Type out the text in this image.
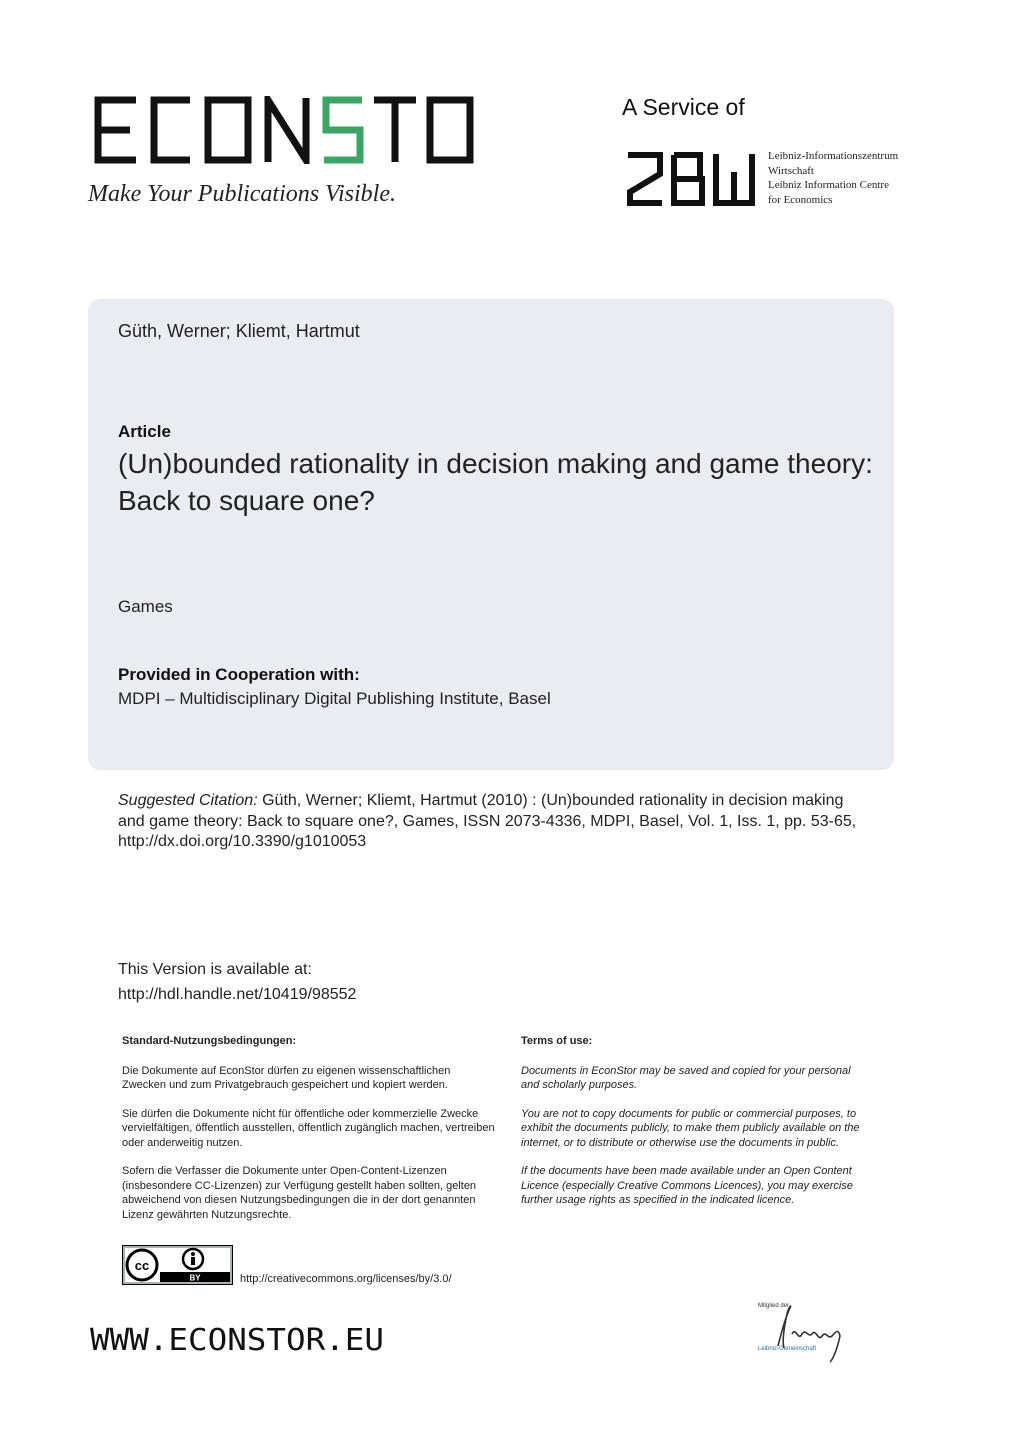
Make Your Publications Visible.
A Service of
Leibniz-Informationszentrum
Wirtschaft
Leibniz Information Centre
for Economics
Güth, Werner; Kliemt, Hartmut
Article
(Un)bounded rationality in decision making and game theory: Back to square one?
Games
Provided in Cooperation with:
MDPI – Multidisciplinary Digital Publishing Institute, Basel
Suggested Citation: Güth, Werner; Kliemt, Hartmut (2010) : (Un)bounded rationality in decision making and game theory: Back to square one?, Games, ISSN 2073-4336, MDPI, Basel, Vol. 1, Iss. 1, pp. 53-65,
http://dx.doi.org/10.3390/g1010053
This Version is available at:
http://hdl.handle.net/10419/98552
Standard-Nutzungsbedingungen:

Die Dokumente auf EconStor dürfen zu eigenen wissenschaftlichen Zwecken und zum Privatgebrauch gespeichert und kopiert werden.

Sie dürfen die Dokumente nicht für öffentliche oder kommerzielle Zwecke vervielfältigen, öffentlich ausstellen, öffentlich zugänglich machen, vertreiben oder anderweitig nutzen.

Sofern die Verfasser die Dokumente unter Open-Content-Lizenzen (insbesondere CC-Lizenzen) zur Verfügung gestellt haben sollten, gelten abweichend von diesen Nutzungsbedingungen die in der dort genannten Lizenz gewährten Nutzungsrechte.

Terms of use:

Documents in EconStor may be saved and copied for your personal and scholarly purposes.

You are not to copy documents for public or commercial purposes, to exhibit the documents publicly, to make them publicly available on the internet, or to distribute or otherwise use the documents in public.

If the documents have been made available under an Open Content Licence (especially Creative Commons Licences), you may exercise further usage rights as specified in the indicated licence.

cc
BY	http://creativecommons.org/licenses/by/3.0/
WWW.ECONSTOR.EU
Mitglied der
Leibniz-Gemeinschaft
